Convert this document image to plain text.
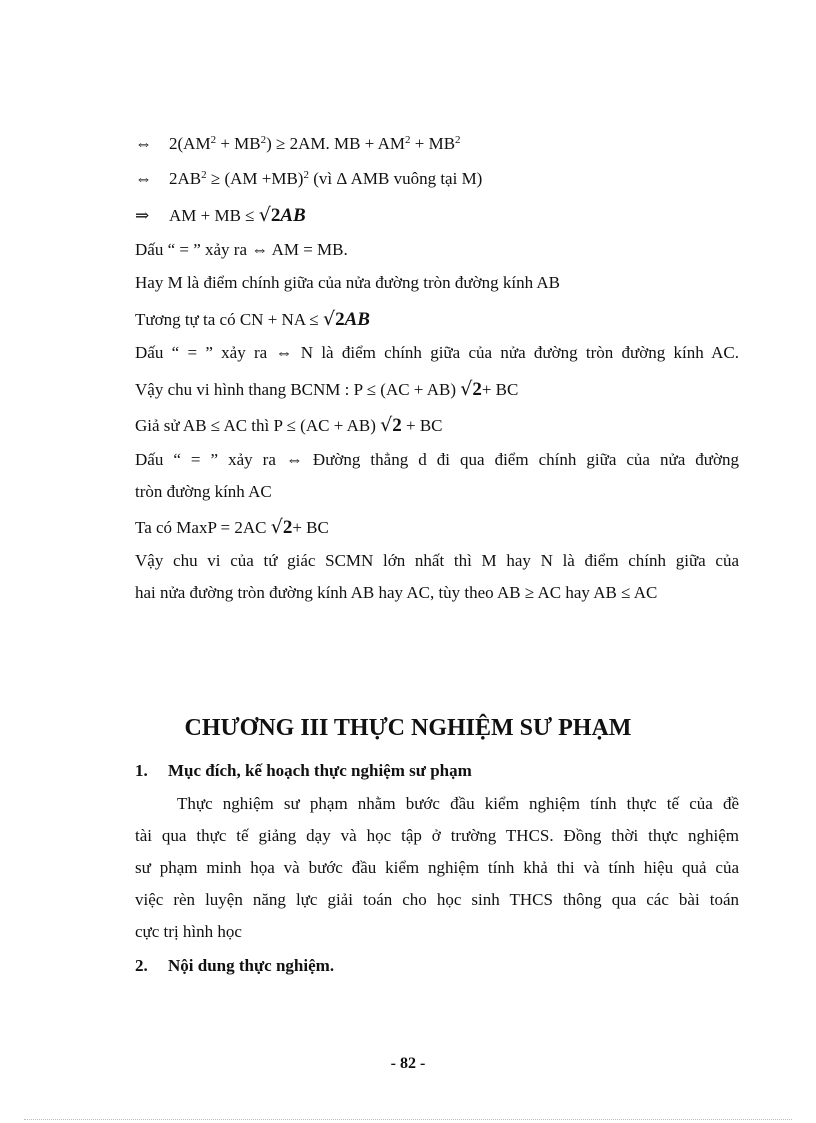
⇔ $2(AM^2 + MB^2) \ge 2AM$. MB + $AM^2 + MB^2$
⇔ $2AB^2 \ge (AM +MB)^2$ (vì Δ AMB vuông tại M)
⇒ AM + MB ≤ √2AB
Dấu “ = ” xảy ra ⇔ AM = MB.
Hay M là điểm chính giữa của nửa đường tròn đường kính AB
Tương tự ta có CN + NA ≤ √2AB
Dấu “ = ” xảy ra ⇔ N là điểm chính giữa của nửa đường tròn đường kính AC.
Vậy chu vi hình thang BCNM : P ≤ (AC + AB) √2+ BC
Giả sử AB ≤ AC thì P ≤ (AC + AB) √2 + BC
Dấu “ = ” xảy ra ⇔ Đường thẳng d đi qua điểm chính giữa của nửa đường
tròn đường kính AC
Ta có MaxP = 2AC √2+ BC
Vậy chu vi của tứ giác SCMN lớn nhất thì M hay N là điểm chính giữa của
hai nửa đường tròn đường kính AB hay AC, tùy theo AB ≥ AC hay AB ≤ AC
CHƯƠNG III THỰC NGHIỆM SƯ PHẠM
1. Mục đích, kế hoạch thực nghiệm sư phạm
Thực nghiệm sư phạm nhằm bước đầu kiểm nghiệm tính thực tế của đề
tài qua thực tế giảng dạy và học tập ở trường THCS. Đồng thời thực nghiệm
sư phạm minh họa và bước đầu kiểm nghiệm tính khả thi và tính hiệu quả của
việc rèn luyện năng lực giải toán cho học sinh THCS thông qua các bài toán
cực trị hình học
2. Nội dung thực nghiệm.
- 82 -
